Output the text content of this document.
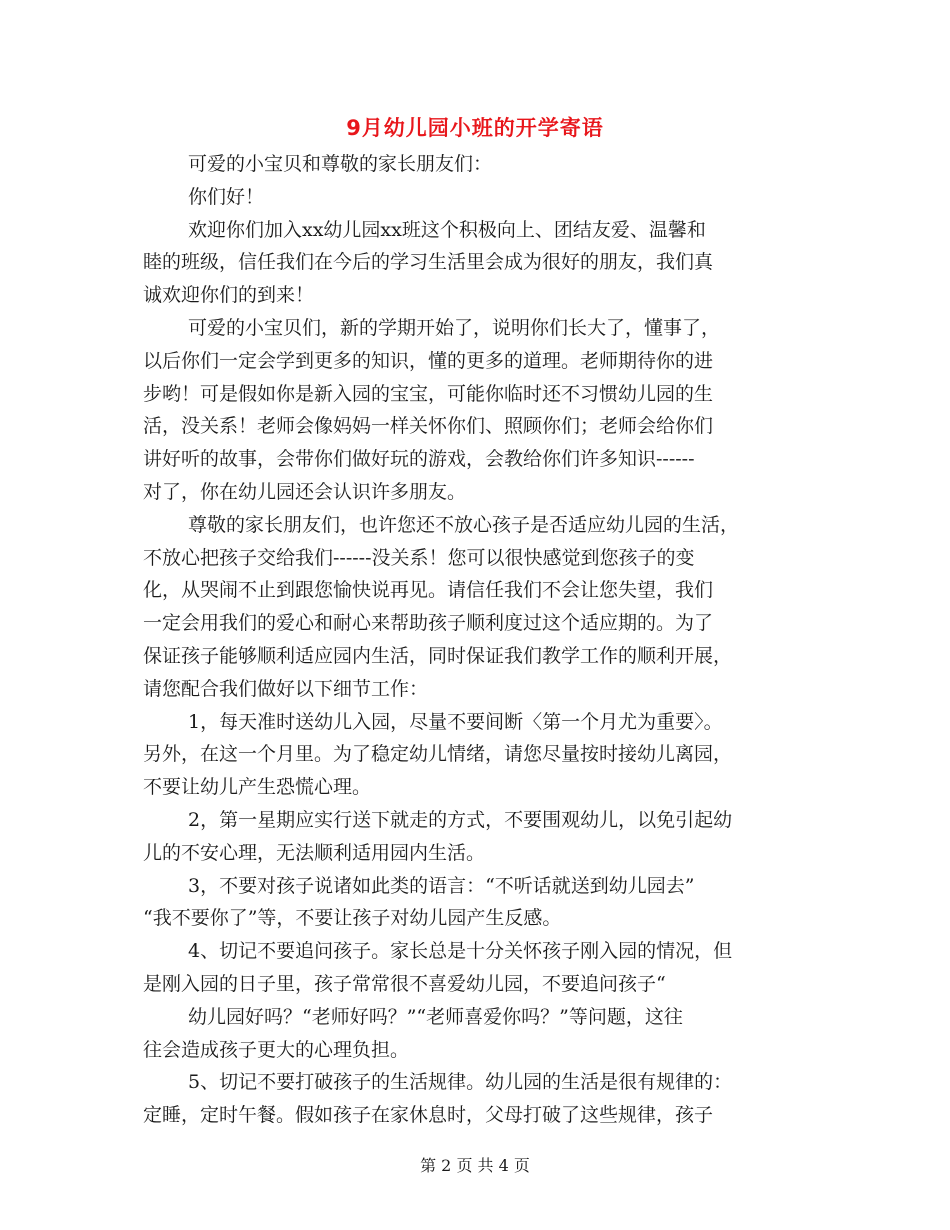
9月幼儿园小班的开学寄语
可爱的小宝贝和尊敬的家长朋友们：
你们好！
欢迎你们加入xx幼儿园xx班这个积极向上、团结友爱、温馨和
睦的班级，信任我们在今后的学习生活里会成为很好的朋友，我们真
诚欢迎你们的到来！
可爱的小宝贝们，新的学期开始了，说明你们长大了，懂事了，
以后你们一定会学到更多的知识，懂的更多的道理。老师期待你的进
步哟！可是假如你是新入园的宝宝，可能你临时还不习惯幼儿园的生
活，没关系！老师会像妈妈一样关怀你们、照顾你们；老师会给你们
讲好听的故事，会带你们做好玩的游戏，会教给你们许多知识------
对了，你在幼儿园还会认识许多朋友。
尊敬的家长朋友们，也许您还不放心孩子是否适应幼儿园的生活，
不放心把孩子交给我们------没关系！您可以很快感觉到您孩子的变
化，从哭闹不止到跟您愉快说再见。请信任我们不会让您失望，我们
一定会用我们的爱心和耐心来帮助孩子顺利度过这个适应期的。为了
保证孩子能够顺利适应园内生活，同时保证我们教学工作的顺利开展，
请您配合我们做好以下细节工作：
1，每天准时送幼儿入园，尽量不要间断〈第一个月尤为重要〉。
另外，在这一个月里。为了稳定幼儿情绪，请您尽量按时接幼儿离园，
不要让幼儿产生恐慌心理。
2，第一星期应实行送下就走的方式，不要围观幼儿，以免引起幼
儿的不安心理，无法顺利适用园内生活。
3，不要对孩子说诸如此类的语言：“不听话就送到幼儿园去”
“我不要你了”等，不要让孩子对幼儿园产生反感。
4、切记不要追问孩子。家长总是十分关怀孩子刚入园的情况，但
是刚入园的日子里，孩子常常很不喜爱幼儿园，不要追问孩子“
幼儿园好吗？“老师好吗？”“老师喜爱你吗？”等问题，这往
往会造成孩子更大的心理负担。
5、切记不要打破孩子的生活规律。幼儿园的生活是很有规律的：
定睡，定时午餐。假如孩子在家休息时，父母打破了这些规律，孩子
第 2 页 共 4 页
